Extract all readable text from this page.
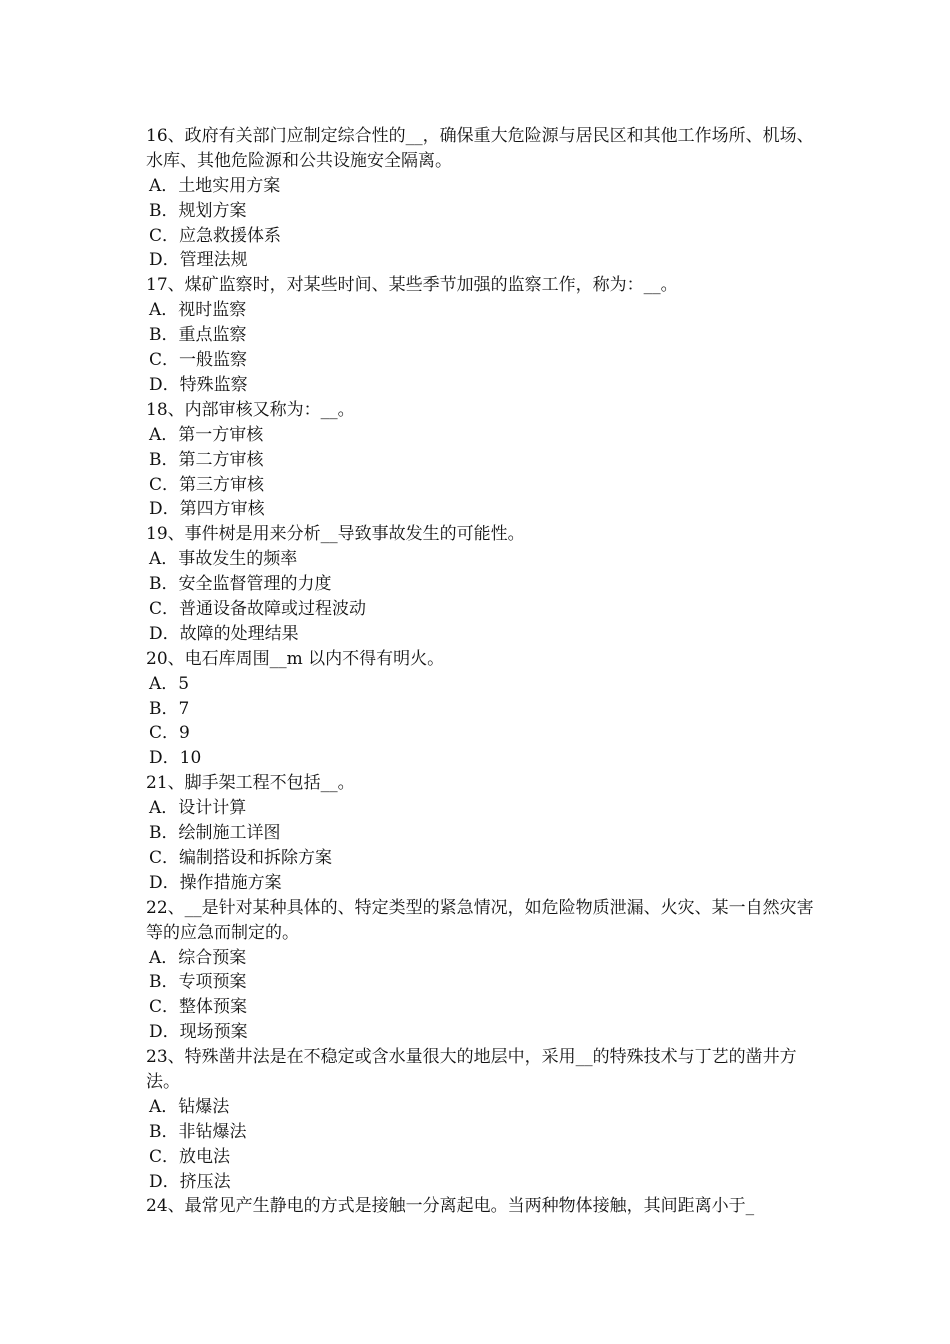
16、政府有关部门应制定综合性的__，确保重大危险源与居民区和其他工作场所、机场、水库、其他危险源和公共设施安全隔离。
A．土地实用方案
B．规划方案
C．应急救援体系
D．管理法规
17、煤矿监察时，对某些时间、某些季节加强的监察工作，称为：__。
A．视时监察
B．重点监察
C．一般监察
D．特殊监察
18、内部审核又称为：__。
A．第一方审核
B．第二方审核
C．第三方审核
D．第四方审核
19、事件树是用来分析__导致事故发生的可能性。
A．事故发生的频率
B．安全监督管理的力度
C．普通设备故障或过程波动
D．故障的处理结果
20、电石库周围__m 以内不得有明火。
A．5
B．7
C．9
D．10
21、脚手架工程不包括__。
A．设计计算
B．绘制施工详图
C．编制搭设和拆除方案
D．操作措施方案
22、__是针对某种具体的、特定类型的紧急情况，如危险物质泄漏、火灾、某一自然灾害等的应急而制定的。
A．综合预案
B．专项预案
C．整体预案
D．现场预案
23、特殊凿井法是在不稳定或含水量很大的地层中，采用__的特殊技术与丁艺的凿井方法。
A．钻爆法
B．非钻爆法
C．放电法
D．挤压法
24、最常见产生静电的方式是接触一分离起电。当两种物体接触，其间距离小于_
